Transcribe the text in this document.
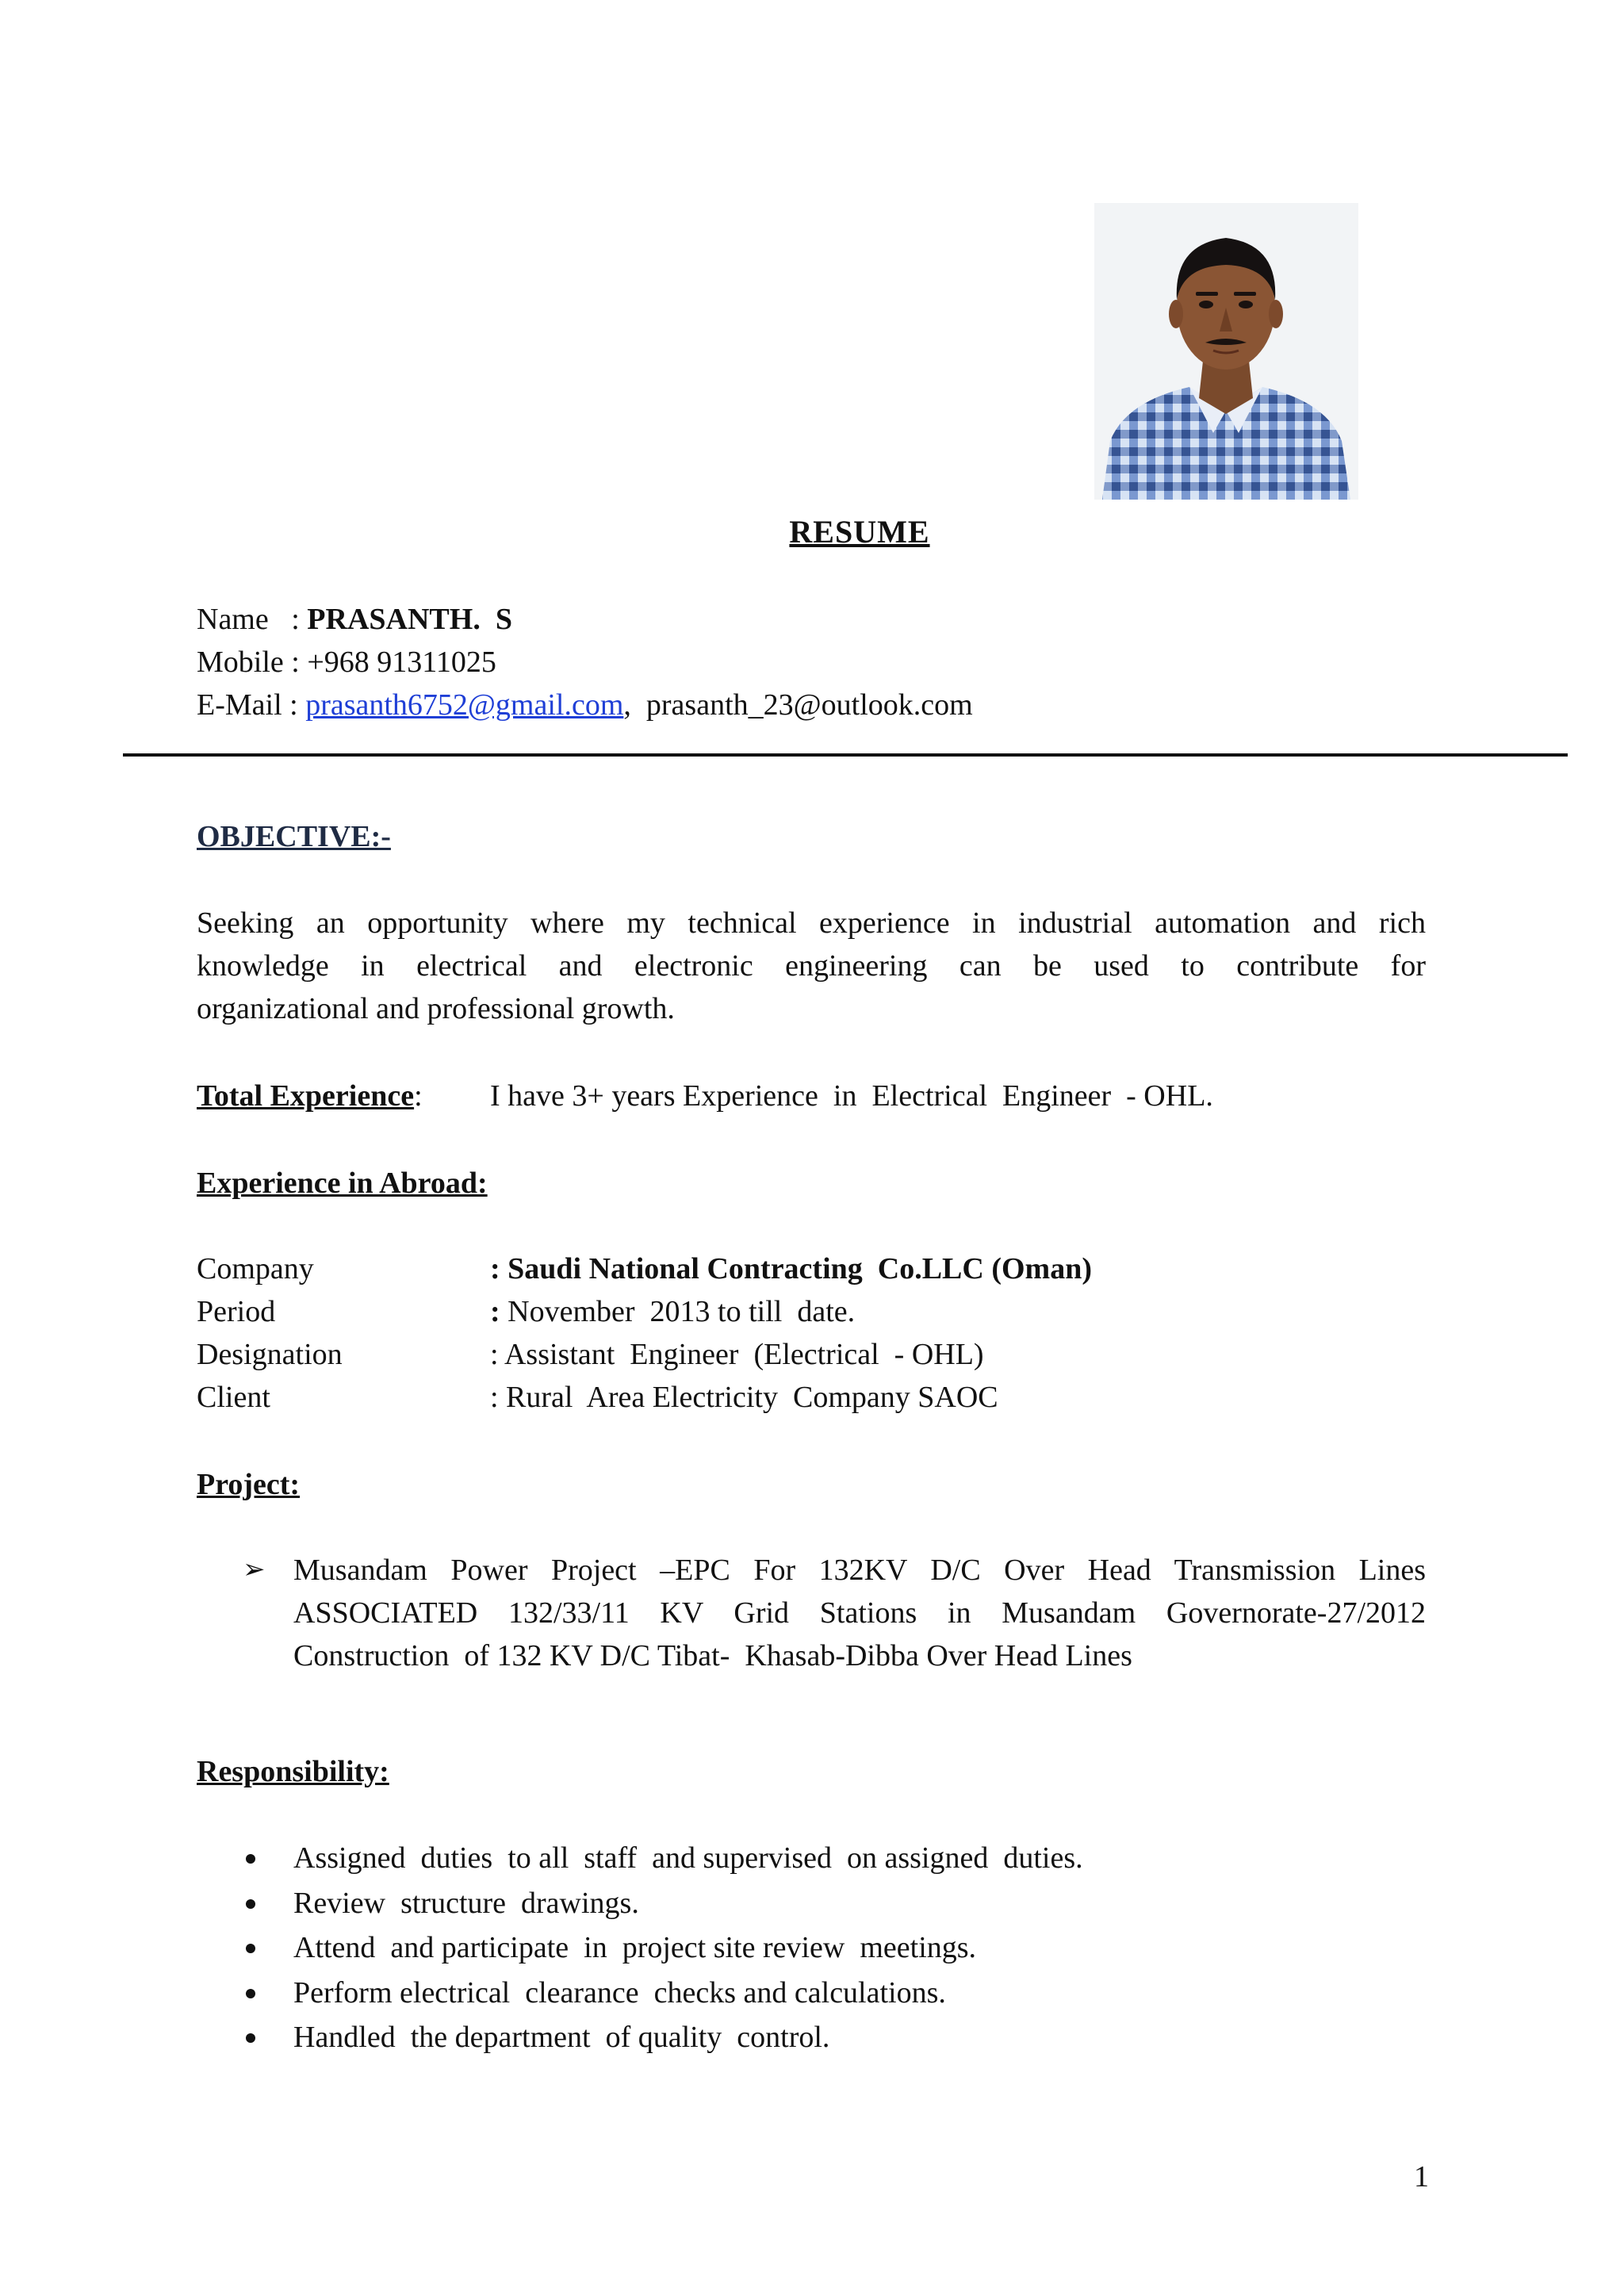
RESUME
Name   : PRASANTH.  S
Mobile : +968 91311025
E-Mail : prasanth6752@gmail.com,  prasanth_23@outlook.com
OBJECTIVE:-
Seeking an opportunity where my technical experience in industrial automation and rich
knowledge in electrical and electronic engineering can be used to contribute for
organizational and professional growth.
Total Experience: I have 3+ years Experience  in  Electrical  Engineer  - OHL.
Experience in Abroad:
Company	: Saudi National Contracting  Co.LLC (Oman)
Period	: November  2013 to till  date.
Designation	: Assistant  Engineer  (Electrical  - OHL)
Client	: Rural  Area Electricity  Company SAOC
Project:
➢ Musandam Power Project –EPC For 132KV D/C Over Head Transmission Lines
ASSOCIATED 132/33/11 KV Grid Stations in Musandam Governorate-27/2012
Construction  of 132 KV D/C Tibat-  Khasab-Dibba Over Head Lines
Responsibility:
Assigned  duties  to all  staff  and supervised  on assigned  duties.
Review  structure  drawings.
Attend  and participate  in  project site review  meetings.
Perform electrical  clearance  checks and calculations.
Handled  the department  of quality  control.
1
